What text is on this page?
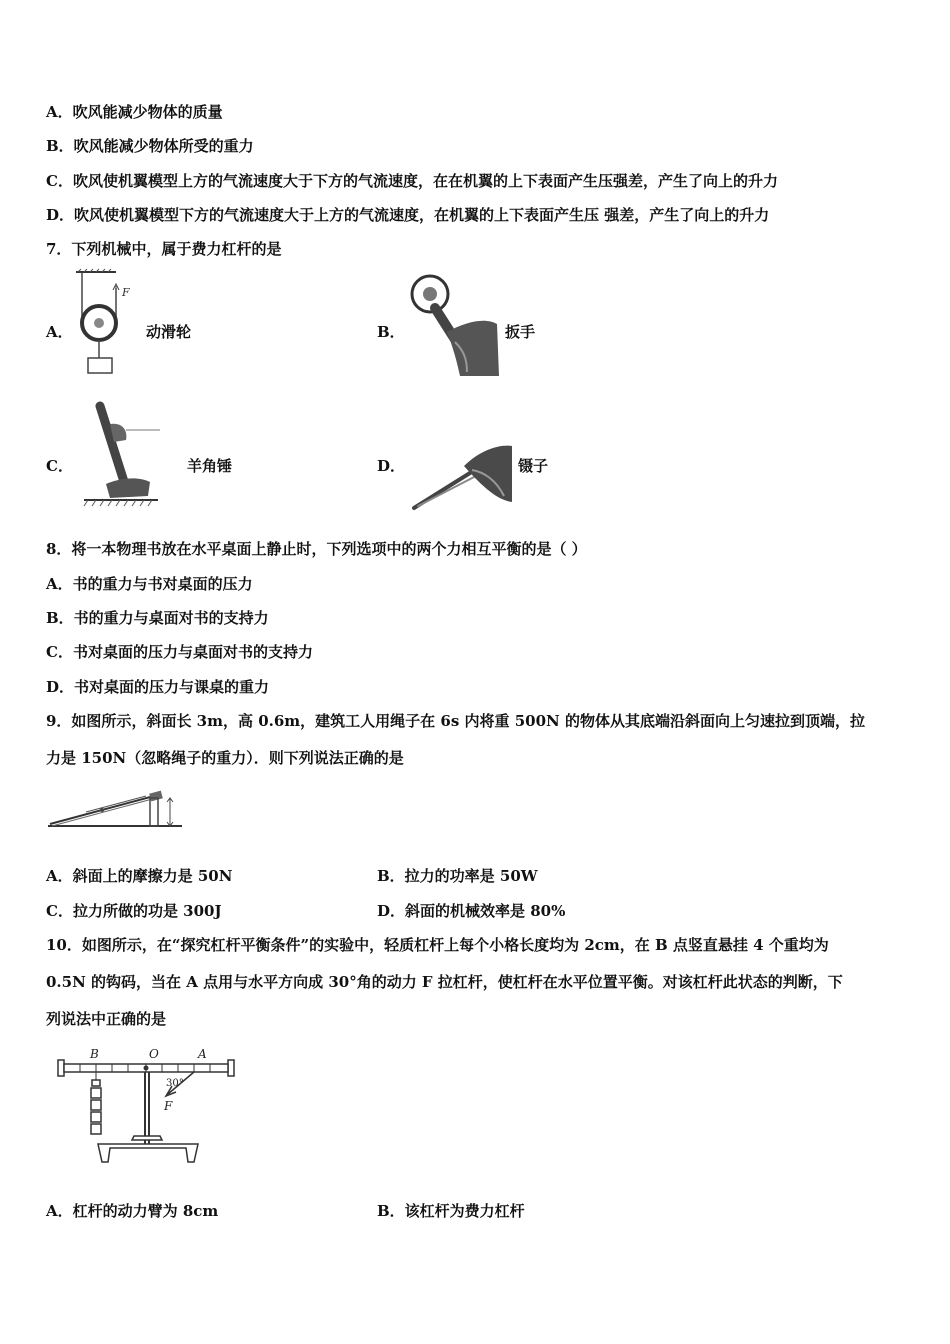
A．吹风能减少物体的质量
B．吹风能减少物体所受的重力
C．吹风使机翼模型上方的气流速度大于下方的气流速度，在在机翼的上下表面产生压强差，产生了向上的升力
D．吹风使机翼模型下方的气流速度大于上方的气流速度，在机翼的上下表面产生压 强差，产生了向上的升力
7．下列机械中，属于费力杠杆的是
A．
F
动滑轮	B．	扳手
C．	羊角锤	D．	镊子
8．将一本物理书放在水平桌面上静止时，下列选项中的两个力相互平衡的是（ ）
A．书的重力与书对桌面的压力
B．书的重力与桌面对书的支持力
C．书对桌面的压力与桌面对书的支持力
D．书对桌面的压力与课桌的重力
9．如图所示，斜面长 3m，高 0.6m，建筑工人用绳子在 6s 内将重 500N 的物体从其底端沿斜面向上匀速拉到顶端，拉
力是 150N（忽略绳子的重力）．则下列说法正确的是
A．斜面上的摩擦力是 50N	B．拉力的功率是 50W
C．拉力所做的功是 300J	D．斜面的机械效率是 80%
10．如图所示，在“探究杠杆平衡条件”的实验中，轻质杠杆上每个小格长度均为 2cm，在 B 点竖直悬挂 4 个重均为
0.5N 的钩码，当在 A 点用与水平方向成 30°角的动力 F 拉杠杆，使杠杆在水平位置平衡。对该杠杆此状态的判断，下
列说法中正确的是
B	O	A
30°
F
A．杠杆的动力臂为 8cm	B．该杠杆为费力杠杆
